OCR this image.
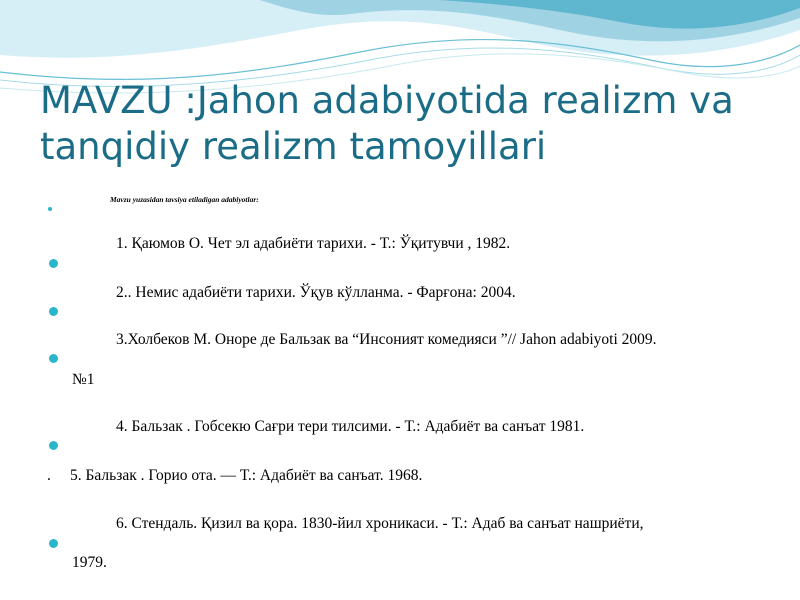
MAVZU :Jahon adabiyotida realizm va tanqidiy realizm tamoyillari
Mavzu yuzasidan tavsiya etiladigan adabiyotlar:
1. Қаюмов О. Чет эл адабиёти тарихи. - Т.: Ўқитувчи , 1982.
2.. Немис адабиёти тарихи. Ўқув кўлланма. - Фарғона: 2004.
3.Холбеков М. Оноре де Бальзак ва “Инсоният комедияси ”// Jahon adabiyoti 2009.
№1
4. Бальзак . Гобсекю Сағри тери тилсими. - Т.: Адабиёт ва санъат 1981.
. 5. Бальзак . Горио ота. — Т.: Адабиёт ва санъат. 1968.
6. Стендаль. Қизил ва қора. 1830-йил хроникаси. - Т.: Адаб ва санъат нашриёти,
1979.
